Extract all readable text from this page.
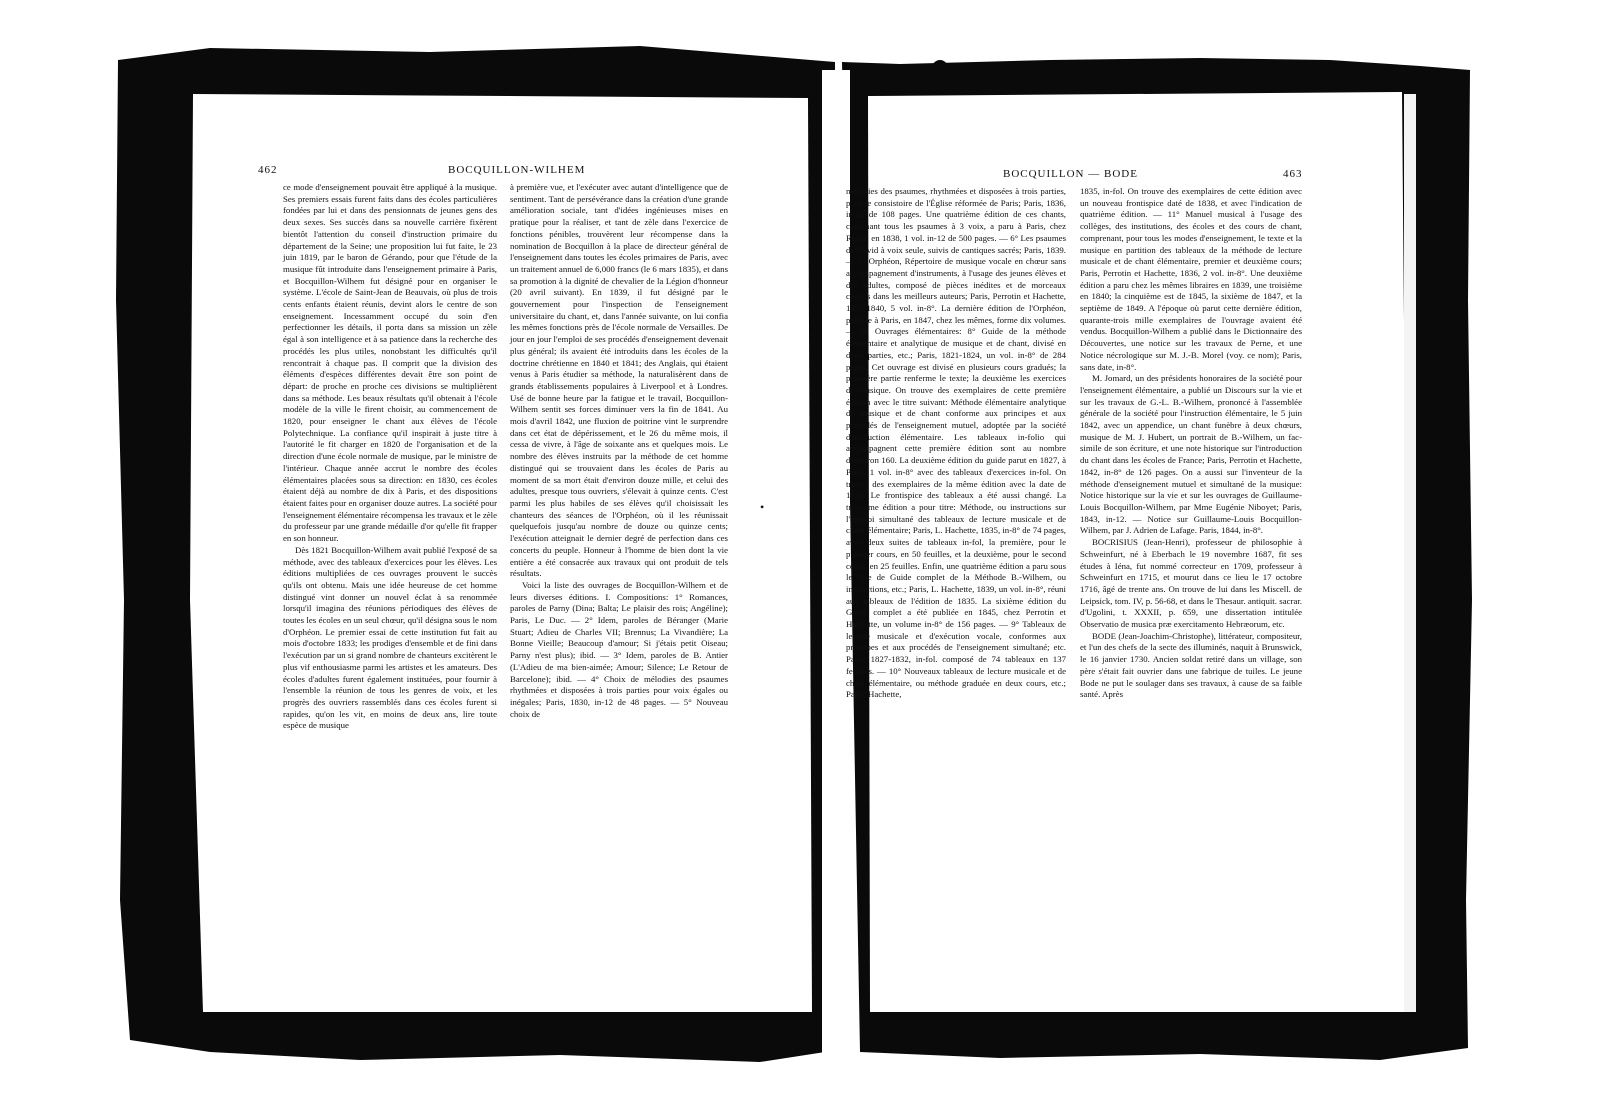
462	BOCQUILLON-WILHEM

ce mode d'enseignement pouvait être appliqué à la musique. Ses premiers essais furent faits dans des écoles particulières fondées par lui et dans des pensionnats de jeunes gens des deux sexes. Ses succès dans sa nouvelle carrière fixèrent bientôt l'attention du conseil d'instruction primaire du département de la Seine; une proposition lui fut faite, le 23 juin 1819, par le baron de Gérando, pour que l'étude de la musique fût introduite dans l'enseignement primaire à Paris, et Bocquillon-Wilhem fut désigné pour en organiser le système. L'école de Saint-Jean de Beauvais, où plus de trois cents enfants étaient réunis, devint alors le centre de son enseignement. Incessamment occupé du soin d'en perfectionner les détails, il porta dans sa mission un zèle égal à son intelligence et à sa patience dans la recherche des procédés les plus utiles, nonobstant les difficultés qu'il rencontrait à chaque pas. Il comprit que la division des éléments d'espèces différentes devait être son point de départ: de proche en proche ces divisions se multiplièrent dans sa méthode. Les beaux résultats qu'il obtenait à l'école modèle de la ville le firent choisir, au commencement de 1820, pour enseigner le chant aux élèves de l'école Polytechnique. La confiance qu'il inspirait à juste titre à l'autorité le fit charger en 1820 de l'organisation et de la direction d'une école normale de musique, par le ministre de l'intérieur. Chaque année accrut le nombre des écoles élémentaires placées sous sa direction: en 1830, ces écoles étaient déjà au nombre de dix à Paris, et des dispositions étaient faites pour en organiser douze autres. La société pour l'enseignement élémentaire récompensa les travaux et le zèle du professeur par une grande médaille d'or qu'elle fit frapper en son honneur.

Dès 1821 Bocquillon-Wilhem avait publié l'exposé de sa méthode, avec des tableaux d'exercices pour les élèves. Les éditions multipliées de ces ouvrages prouvent le succès qu'ils ont obtenu. Mais une idée heureuse de cet homme distingué vint donner un nouvel éclat à sa renommée lorsqu'il imagina des réunions périodiques des élèves de toutes les écoles en un seul chœur, qu'il désigna sous le nom d'Orphéon. Le premier essai de cette institution fut fait au mois d'octobre 1833; les prodiges d'ensemble et de fini dans l'exécution par un si grand nombre de chanteurs excitèrent le plus vif enthousiasme parmi les artistes et les amateurs. Des écoles d'adultes furent également instituées, pour fournir à l'ensemble la réunion de tous les genres de voix, et les progrès des ouvriers rassemblés dans ces écoles furent si rapides, qu'on les vit, en moins de deux ans, lire toute espèce de musique

à première vue, et l'exécuter avec autant d'intelligence que de sentiment. Tant de persévérance dans la création d'une grande amélioration sociale, tant d'idées ingénieuses mises en pratique pour la réaliser, et tant de zèle dans l'exercice de fonctions pénibles, trouvèrent leur récompense dans la nomination de Bocquillon à la place de directeur général de l'enseignement dans toutes les écoles primaires de Paris, avec un traitement annuel de 6,000 francs (le 6 mars 1835), et dans sa promotion à la dignité de chevalier de la Légion d'honneur (20 avril suivant). En 1839, il fut désigné par le gouvernement pour l'inspection de l'enseignement universitaire du chant, et, dans l'année suivante, on lui confia les mêmes fonctions près de l'école normale de Versailles. De jour en jour l'emploi de ses procédés d'enseignement devenait plus général; ils avaient été introduits dans les écoles de la doctrine chrétienne en 1840 et 1841; des Anglais, qui étaient venus à Paris étudier sa méthode, la naturalisèrent dans de grands établissements populaires à Liverpool et à Londres. Usé de bonne heure par la fatigue et le travail, Bocquillon-Wilhem sentit ses forces diminuer vers la fin de 1841. Au mois d'avril 1842, une fluxion de poitrine vint le surprendre dans cet état de dépérissement, et le 26 du même mois, il cessa de vivre, à l'âge de soixante ans et quelques mois. Le nombre des élèves instruits par la méthode de cet homme distingué qui se trouvaient dans les écoles de Paris au moment de sa mort était d'environ douze mille, et celui des adultes, presque tous ouvriers, s'élevait à quinze cents. C'est parmi les plus habiles de ses élèves qu'il choisissait les chanteurs des séances de l'Orphéon, où il les réunissait quelquefois jusqu'au nombre de douze ou quinze cents; l'exécution atteignait le dernier degré de perfection dans ces concerts du peuple. Honneur à l'homme de bien dont la vie entière a été consacrée aux travaux qui ont produit de tels résultats.

Voici la liste des ouvrages de Bocquillon-Wilhem et de leurs diverses éditions. I. Compositions: 1° Romances, paroles de Parny (Dina; Balta; Le plaisir des rois; Angéline); Paris, Le Duc. — 2° Idem, paroles de Béranger (Marie Stuart; Adieu de Charles VII; Brennus; La Vivandière; La Bonne Vieille; Beaucoup d'amour; Si j'étais petit Oiseau; Parny n'est plus); ibid. — 3° Idem, paroles de B. Antier (L'Adieu de ma bien-aimée; Amour; Silence; Le Retour de Barcelone); ibid. — 4° Choix de mélodies des psaumes rhythmées et disposées à trois parties pour voix égales ou inégales; Paris, 1830, in-12 de 48 pages. — 5° Nouveau choix de

•
BOCQUILLON — BODE	463

mélodies des psaumes, rhythmées et disposées à trois parties, pour le consistoire de l'Église réformée de Paris; Paris, 1836, in-12 de 108 pages. Une quatrième édition de ces chants, contenant tous les psaumes à 3 voix, a paru à Paris, chez Risler, en 1838, 1 vol. in-12 de 500 pages. — 6° Les psaumes de David à voix seule, suivis de cantiques sacrés; Paris, 1839. — 7° Orphéon, Répertoire de musique vocale en chœur sans accompagnement d'instruments, à l'usage des jeunes élèves et des adultes, composé de pièces inédites et de morceaux choisis dans les meilleurs auteurs; Paris, Perrotin et Hachette, 1837-1840, 5 vol. in-8°. La dernière édition de l'Orphéon, publiée à Paris, en 1847, chez les mêmes, forme dix volumes. — II. Ouvrages élémentaires: 8° Guide de la méthode élémentaire et analytique de musique et de chant, divisé en deux parties, etc.; Paris, 1821-1824, un vol. in-8° de 284 pages. Cet ouvrage est divisé en plusieurs cours gradués; la première partie renferme le texte; la deuxième les exercices de musique. On trouve des exemplaires de cette première édition avec le titre suivant: Méthode élémentaire analytique de musique et de chant conforme aux principes et aux procédés de l'enseignement mutuel, adoptée par la société d'instruction élémentaire. Les tableaux in-folio qui accompagnent cette première édition sont au nombre d'environ 160. La deuxième édition du guide parut en 1827, à Paris, 1 vol. in-8° avec des tableaux d'exercices in-fol. On trouve des exemplaires de la même édition avec la date de 1832. Le frontispice des tableaux a été aussi changé. La troisième édition a pour titre: Méthode, ou instructions sur l'emploi simultané des tableaux de lecture musicale et de chant élémentaire; Paris, L. Hachette, 1835, in-8° de 74 pages, avec deux suites de tableaux in-fol, la première, pour le premier cours, en 50 feuilles, et la deuxième, pour le second cours, en 25 feuilles. Enfin, une quatrième édition a paru sous le titre de Guide complet de la Méthode B.-Wilhem, ou instructions, etc.; Paris, L. Hachette, 1839, un vol. in-8°, réuni aux tableaux de l'édition de 1835. La sixième édition du Guide complet a été publiée en 1845, chez Perrotin et Hachette, un volume in-8° de 156 pages. — 9° Tableaux de lecture musicale et d'exécution vocale, conformes aux principes et aux procédés de l'enseignement simultané; etc. Paris, 1827-1832, in-fol. composé de 74 tableaux en 137 feuilles. — 10° Nouveaux tableaux de lecture musicale et de chant élémentaire, ou méthode graduée en deux cours, etc.; Paris, Hachette,

1835, in-fol. On trouve des exemplaires de cette édition avec un nouveau frontispice daté de 1838, et avec l'indication de quatrième édition. — 11° Manuel musical à l'usage des collèges, des institutions, des écoles et des cours de chant, comprenant, pour tous les modes d'enseignement, le texte et la musique en partition des tableaux de la méthode de lecture musicale et de chant élémentaire, premier et deuxième cours; Paris, Perrotin et Hachette, 1836, 2 vol. in-8°. Une deuxième édition a paru chez les mêmes libraires en 1839, une troisième en 1840; la cinquième est de 1845, la sixième de 1847, et la septième de 1849. A l'époque où parut cette dernière édition, quarante-trois mille exemplaires de l'ouvrage avaient été vendus. Bocquillon-Wilhem a publié dans le Dictionnaire des Découvertes, une notice sur les travaux de Perne, et une Notice nécrologique sur M. J.-B. Morel (voy. ce nom); Paris, sans date, in-8°.

M. Jomard, un des présidents honoraires de la société pour l'enseignement élémentaire, a publié un Discours sur la vie et sur les travaux de G.-L. B.-Wilhem, prononcé à l'assemblée générale de la société pour l'instruction élémentaire, le 5 juin 1842, avec un appendice, un chant funèbre à deux chœurs, musique de M. J. Hubert, un portrait de B.-Wilhem, un fac-simile de son écriture, et une note historique sur l'introduction du chant dans les écoles de France; Paris, Perrotin et Hachette, 1842, in-8° de 126 pages. On a aussi sur l'inventeur de la méthode d'enseignement mutuel et simultané de la musique: Notice historique sur la vie et sur les ouvrages de Guillaume-Louis Bocquillon-Wilhem, par Mme Eugénie Niboyet; Paris, 1843, in-12. — Notice sur Guillaume-Louis Bocquillon-Wilhem, par J. Adrien de Lafage. Paris, 1844, in-8°.

BOCRISIUS (Jean-Henri), professeur de philosophie à Schweinfurt, né à Eberbach le 19 novembre 1687, fit ses études à Iéna, fut nommé correcteur en 1709, professeur à Schweinfurt en 1715, et mourut dans ce lieu le 17 octobre 1716, âgé de trente ans. On trouve de lui dans les Miscell. de Leipsick, tom. IV, p. 56-68, et dans le Thesaur. antiquit. sacrar. d'Ugolini, t. XXXII, p. 659, une dissertation intitulée Observatio de musica præ exercitamento Hebræorum, etc.

BODE (Jean-Joachim-Christophe), littérateur, compositeur, et l'un des chefs de la secte des illuminés, naquit à Brunswick, le 16 janvier 1730. Ancien soldat retiré dans un village, son père s'était fait ouvrier dans une fabrique de tuiles. Le jeune Bode ne put le soulager dans ses travaux, à cause de sa faible santé. Après
